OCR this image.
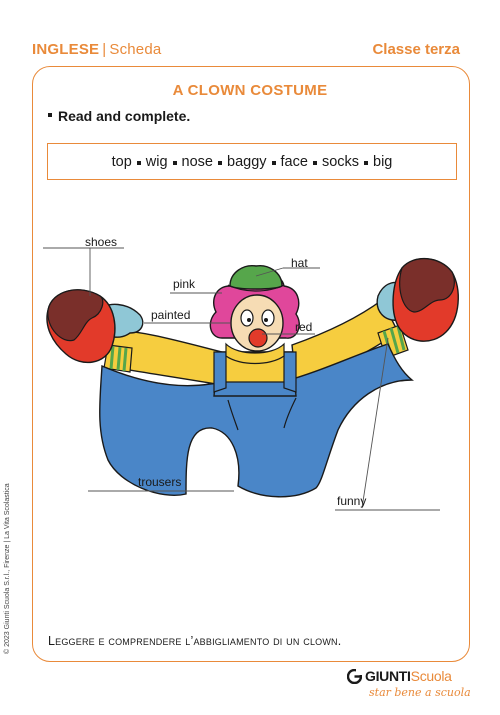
INGLESE | Scheda	Classe terza
A CLOWN COSTUME
Read and complete.
top wig nose baggy face socks big
shoes
hat
pink
painted
red
trousers
funny
Leggere e comprendere l’abbigliamento di un clown.
© 2023 Giunti Scuola S.r.l., Firenze | La Vita Scolastica
GIUNTIScuola
star bene a scuola
